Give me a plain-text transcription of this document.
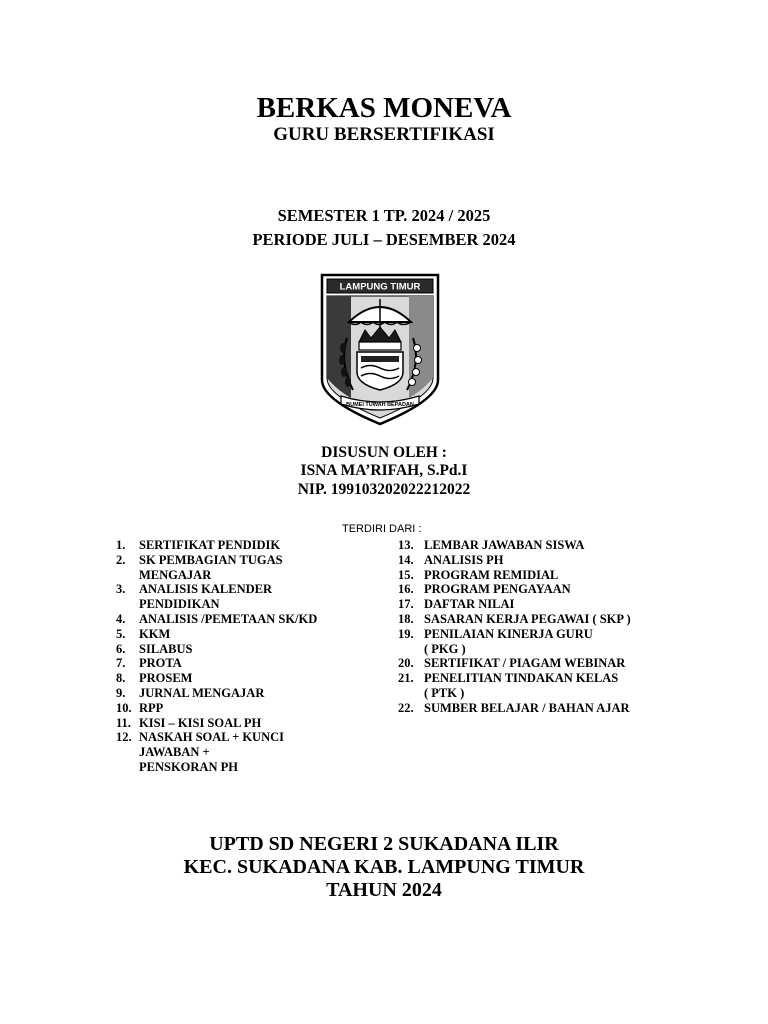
BERKAS MONEVA
GURU BERSERTIFIKASI
SEMESTER 1 TP. 2024 / 2025
PERIODE JULI – DESEMBER 2024
LAMPUNG TIMUR
BUMEI TUWAH BEPADAN
DISUSUN OLEH :
ISNA MA’RIFAH, S.Pd.I
NIP. 199103202022212022
TERDIRI DARI :
1.	SERTIFIKAT PENDIDIK
2.	SK PEMBAGIAN TUGAS
MENGAJAR
3.	ANALISIS KALENDER
PENDIDIKAN
4.	ANALISIS /PEMETAAN SK/KD
5.	KKM
6.	SILABUS
7.	PROTA
8.	PROSEM
9.	JURNAL MENGAJAR
10. RPP
11. KISI – KISI SOAL PH
12. NASKAH SOAL + KUNCI
JAWABAN +
PENSKORAN PH
13. LEMBAR JAWABAN SISWA
14. ANALISIS PH
15. PROGRAM REMIDIAL
16. PROGRAM PENGAYAAN
17. DAFTAR NILAI
18. SASARAN KERJA PEGAWAI ( SKP )
19. PENILAIAN KINERJA GURU
( PKG )
20. SERTIFIKAT / PIAGAM WEBINAR
21. PENELITIAN TINDAKAN KELAS
( PTK )
22. SUMBER BELAJAR / BAHAN AJAR
UPTD SD NEGERI 2 SUKADANA ILIR
KEC. SUKADANA KAB. LAMPUNG TIMUR
TAHUN 2024
